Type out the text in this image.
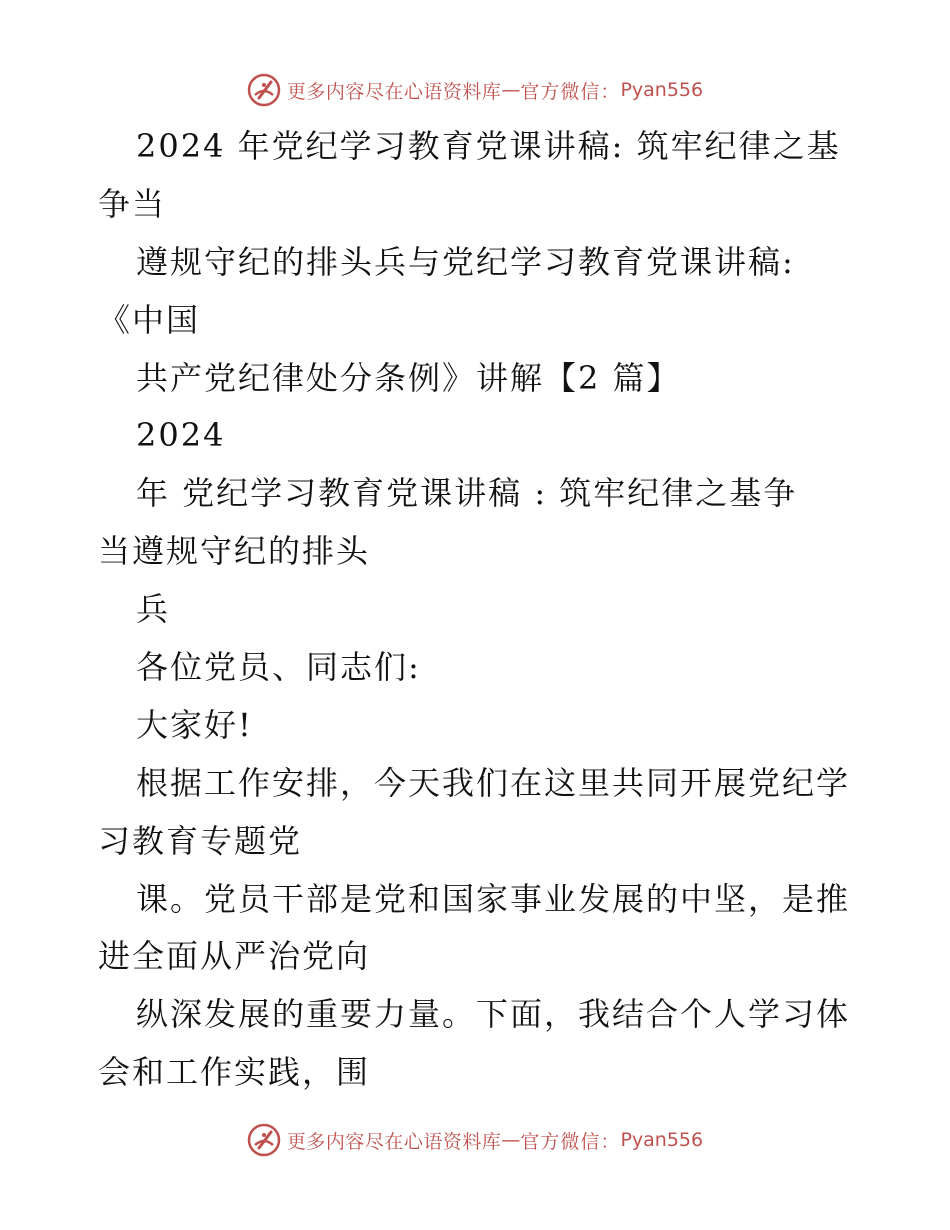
更多内容尽在心语资料库 — 官方微信： Pyan556
2024 年党纪学习教育党课讲稿: 筑牢纪律之基
争当
遵规守纪的排头兵与党纪学习教育党课讲稿:
《中国
共产党纪律处分条例》讲解【2 篇】
2024
年 党纪学习教育党课讲稿 : 筑牢纪律之基争
当遵规守纪的排头
兵
各位党员、同志们:
大家好!
根据工作安排，今天我们在这里共同开展党纪学
习教育专题党
课。党员干部是党和国家事业发展的中坚，是推
进全面从严治党向
纵深发展的重要力量。下面，我结合个人学习体
会和工作实践，围
更多内容尽在心语资料库 — 官方微信： Pyan556
